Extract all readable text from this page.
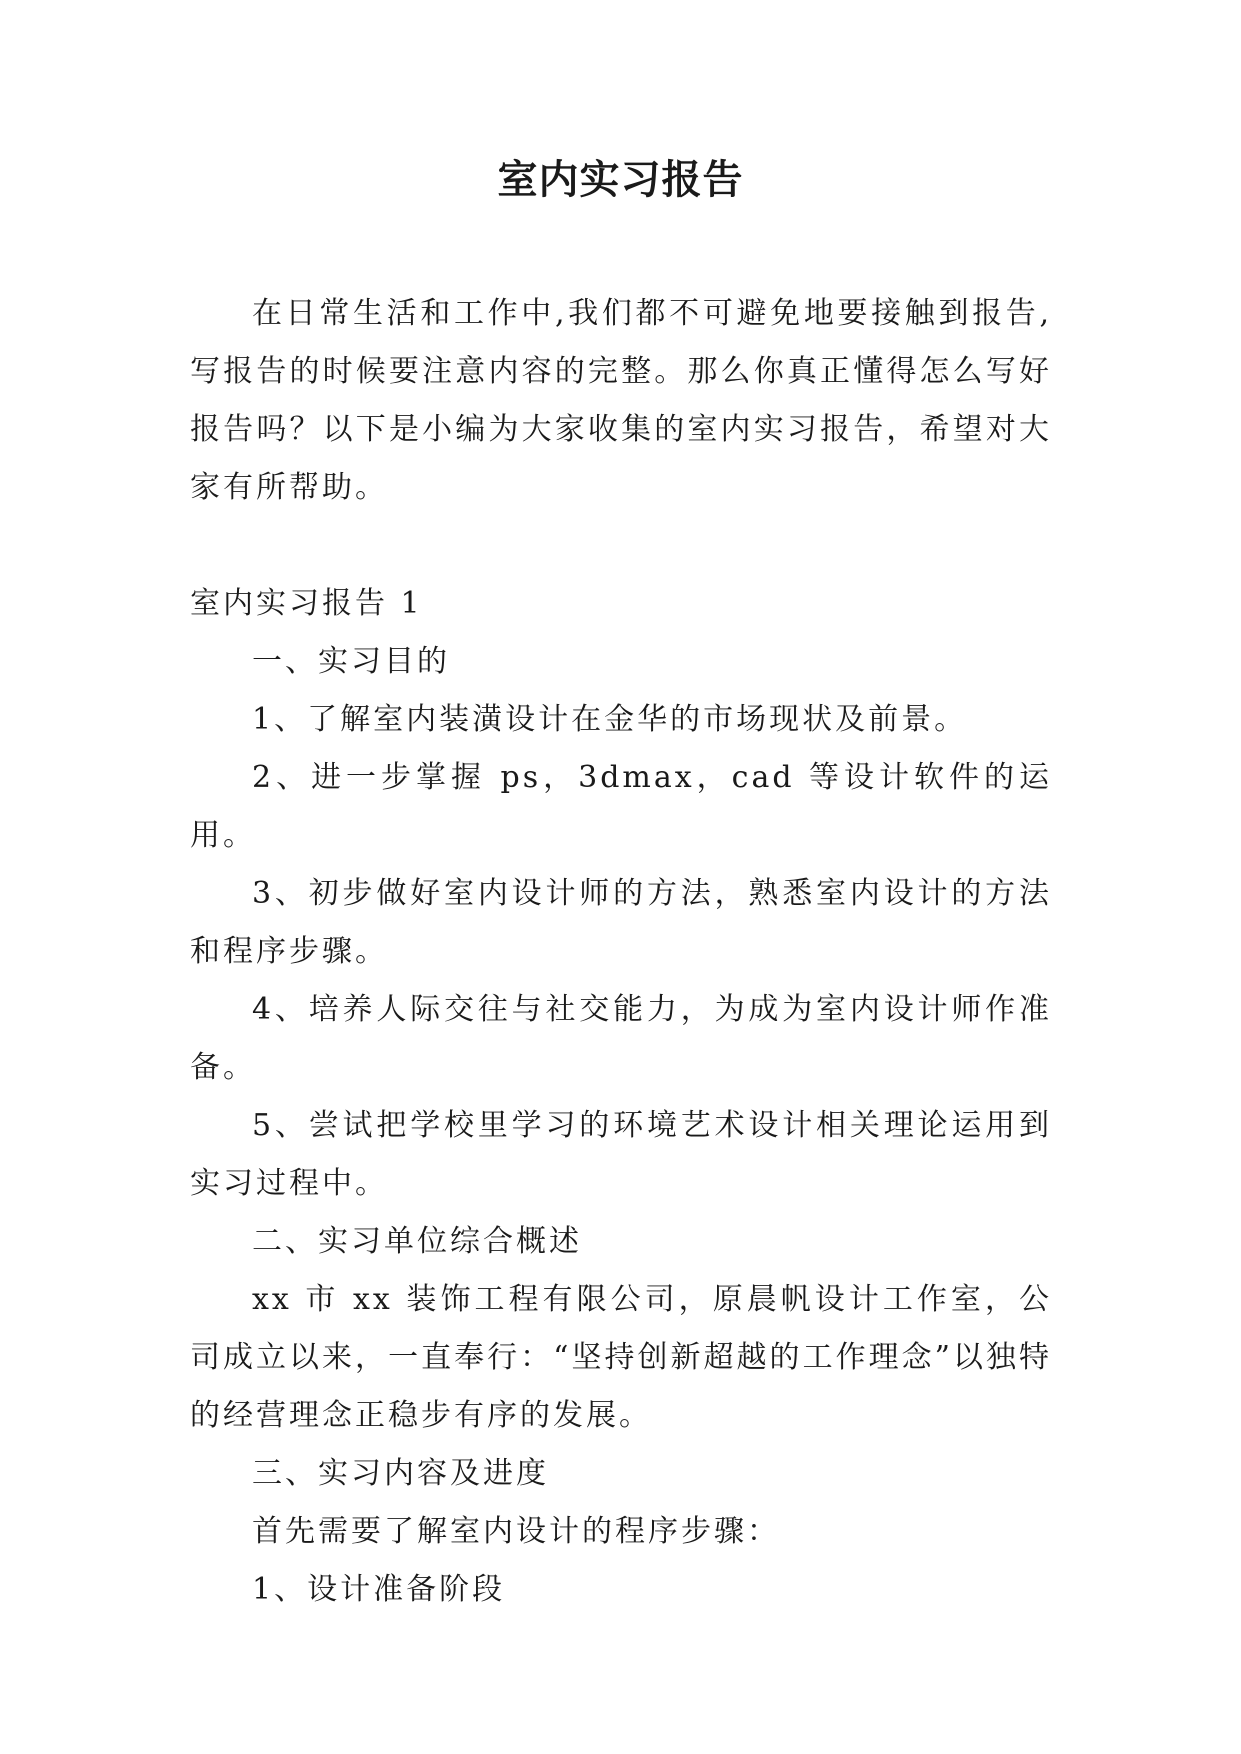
室内实习报告

在日常生活和工作中,我们都不可避免地要接触到报告,写报告的时候要注意内容的完整。那么你真正懂得怎么写好报告吗？以下是小编为大家收集的室内实习报告，希望对大家有所帮助。

室内实习报告 1

一、实习目的

1、了解室内装潢设计在金华的市场现状及前景。

2、进一步掌握 ps，3dmax，cad 等设计软件的运用。

3、初步做好室内设计师的方法，熟悉室内设计的方法和程序步骤。

4、培养人际交往与社交能力，为成为室内设计师作准备。

5、尝试把学校里学习的环境艺术设计相关理论运用到实习过程中。

二、实习单位综合概述

xx 市 xx 装饰工程有限公司，原晨帆设计工作室，公司成立以来，一直奉行：“坚持创新超越的工作理念”以独特的经营理念正稳步有序的发展。

三、实习内容及进度

首先需要了解室内设计的程序步骤：

1、设计准备阶段
